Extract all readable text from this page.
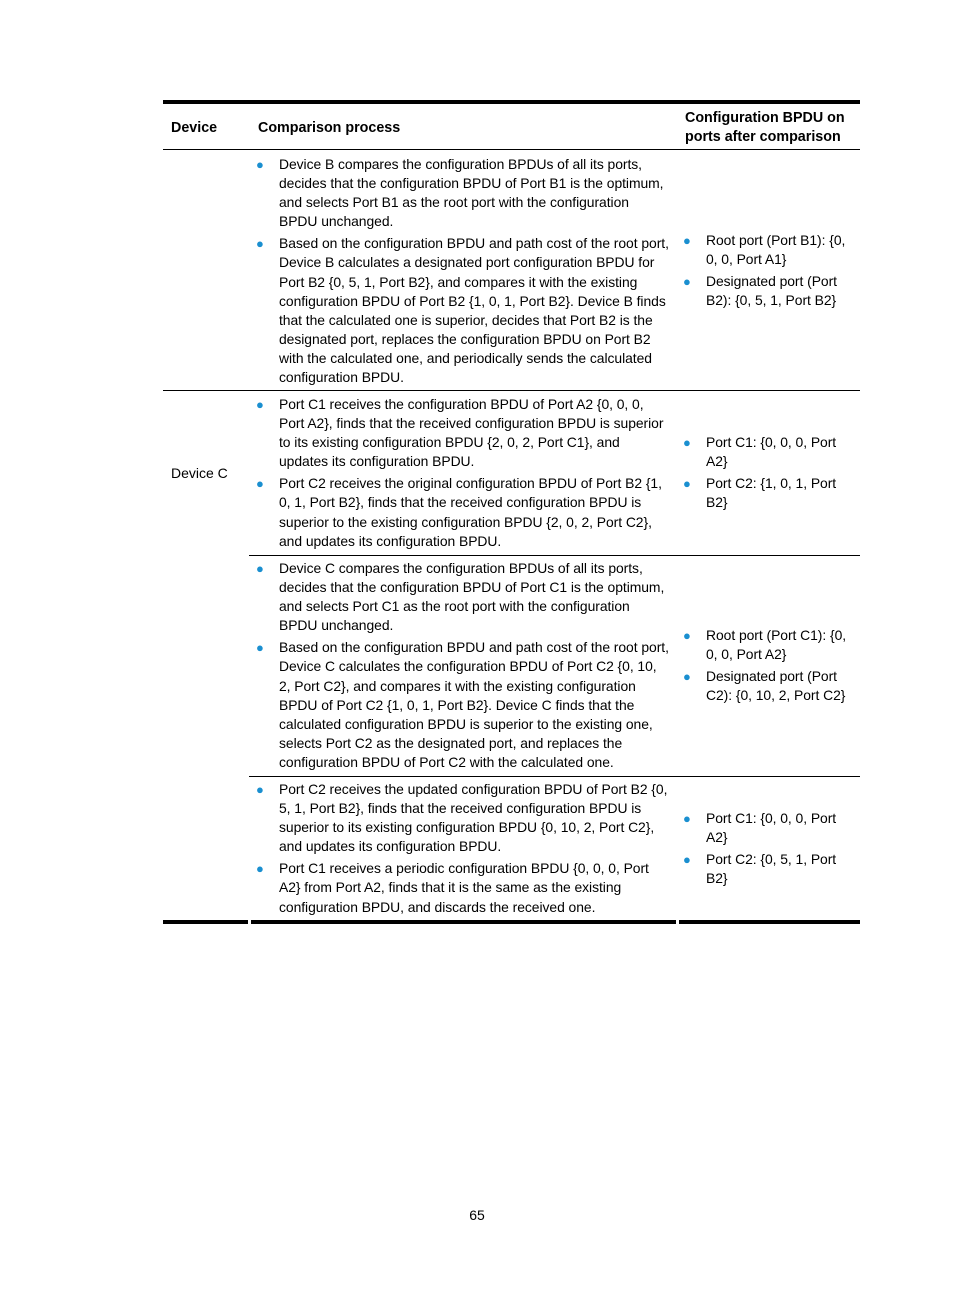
Device	Comparison process
Configuration BPDU on
ports after comparison
● Device B compares the configuration BPDUs of all its ports, decides that the configuration BPDU of Port B1 is the optimum, and selects Port B1 as the root port with the configuration BPDU unchanged.
● Based on the configuration BPDU and path cost of the root port, Device B calculates a designated port configuration BPDU for Port B2 {0, 5, 1, Port B2}, and compares it with the existing configuration BPDU of Port B2 {1, 0, 1, Port B2}. Device B finds that the calculated one is superior, decides that Port B2 is the designated port, replaces the configuration BPDU on Port B2 with the calculated one, and periodically sends the calculated configuration BPDU.
● Root port (Port B1): {0, 0, 0, Port A1}
● Designated port (Port B2): {0, 5, 1, Port B2}
Device C
● Port C1 receives the configuration BPDU of Port A2 {0, 0, 0, Port A2}, finds that the received configuration BPDU is superior to its existing configuration BPDU {2, 0, 2, Port C1}, and updates its configuration BPDU.
● Port C2 receives the original configuration BPDU of Port B2 {1, 0, 1, Port B2}, finds that the received configuration BPDU is superior to the existing configuration BPDU {2, 0, 2, Port C2}, and updates its configuration BPDU.
● Port C1: {0, 0, 0, Port A2}
● Port C2: {1, 0, 1, Port B2}
● Device C compares the configuration BPDUs of all its ports, decides that the configuration BPDU of Port C1 is the optimum, and selects Port C1 as the root port with the configuration BPDU unchanged.
● Based on the configuration BPDU and path cost of the root port, Device C calculates the configuration BPDU of Port C2 {0, 10, 2, Port C2}, and compares it with the existing configuration BPDU of Port C2 {1, 0, 1, Port B2}. Device C finds that the calculated configuration BPDU is superior to the existing one, selects Port C2 as the designated port, and replaces the configuration BPDU of Port C2 with the calculated one.
● Root port (Port C1): {0, 0, 0, Port A2}
● Designated port (Port C2): {0, 10, 2, Port C2}
● Port C2 receives the updated configuration BPDU of Port B2 {0, 5, 1, Port B2}, finds that the received configuration BPDU is superior to its existing configuration BPDU {0, 10, 2, Port C2}, and updates its configuration BPDU.
● Port C1 receives a periodic configuration BPDU {0, 0, 0, Port A2} from Port A2, finds that it is the same as the existing configuration BPDU, and discards the received one.
● Port C1: {0, 0, 0, Port A2}
● Port C2: {0, 5, 1, Port B2}
65
